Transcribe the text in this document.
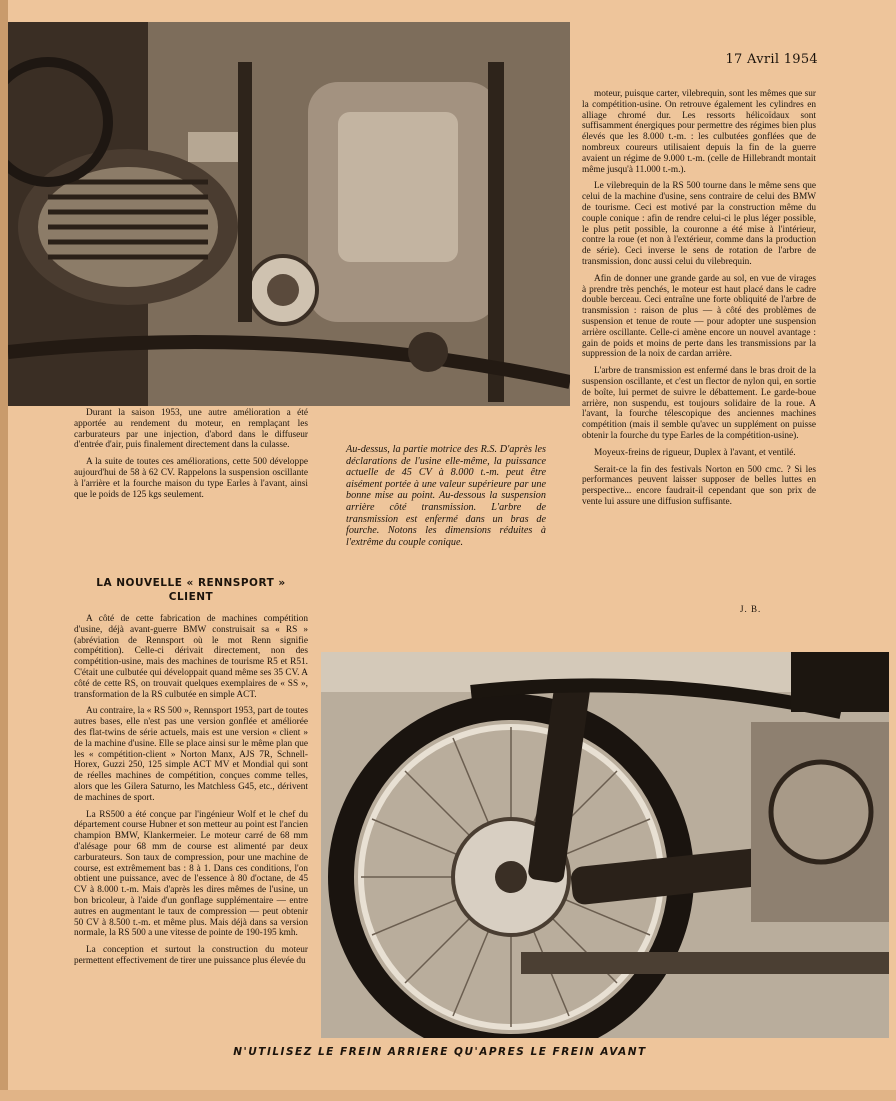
17 Avril 1954

moteur, puisque carter, vilebrequin, sont les mêmes que sur la compétition-usine. On retrouve également les cylindres en alliage chromé dur. Les ressorts hélicoïdaux sont suffisamment énergiques pour permettre des régimes bien plus élevés que les 8.000 t.-m. : les culbutées gonflées que de nombreux coureurs utilisaient depuis la fin de la guerre avaient un régime de 9.000 t.-m. (celle de Hillebrandt montait même jusqu'à 11.000 t.-m.).

Le vilebrequin de la RS 500 tourne dans le même sens que celui de la machine d'usine, sens contraire de celui des BMW de tourisme. Ceci est motivé par la construction même du couple conique : afin de rendre celui-ci le plus léger possible, le plus petit possible, la couronne a été mise à l'intérieur, contre la roue (et non à l'extérieur, comme dans la production de série). Ceci inverse le sens de rotation de l'arbre de transmission, donc aussi celui du vilebrequin.

Afin de donner une grande garde au sol, en vue de virages à prendre très penchés, le moteur est haut placé dans le cadre double berceau. Ceci entraîne une forte obliquité de l'arbre de transmission : raison de plus — à côté des problèmes de suspension et tenue de route — pour adopter une suspension arrière oscillante. Celle-ci amène encore un nouvel avantage : gain de poids et moins de perte dans les transmissions par la suppression de la noix de cardan arrière.

L'arbre de transmission est enfermé dans le bras droit de la suspension oscillante, et c'est un flector de nylon qui, en sortie de boîte, lui permet de suivre le débattement. Le garde-boue arrière, non suspendu, est toujours solidaire de la roue. A l'avant, la fourche télescopique des anciennes machines compétition (mais il semble qu'avec un supplément on puisse obtenir la fourche du type Earles de la compétition-usine).

Moyeux-freins de rigueur, Duplex à l'avant, et ventilé.

Serait-ce la fin des festivals Norton en 500 cmc. ? Si les performances peuvent laisser supposer de belles luttes en perspective... encore faudrait-il cependant que son prix de vente lui assure une diffusion suffisante.

J. B.

Durant la saison 1953, une autre amélioration a été apportée au rendement du moteur, en remplaçant les carburateurs par une injection, d'abord dans le diffuseur d'entrée d'air, puis finalement directement dans la culasse.

A la suite de toutes ces améliorations, cette 500 développe aujourd'hui de 58 à 62 CV. Rappelons la suspension oscillante à l'arrière et la fourche maison du type Earles à l'avant, ainsi que le poids de 125 kgs seulement.

Au-dessus, la partie motrice des R.S. D'après les déclarations de l'usine elle-même, la puissance actuelle de 45 CV à 8.000 t.-m. peut être aisément portée à une valeur supérieure par une bonne mise au point. Au-dessous la suspension arrière côté transmission. L'arbre de transmission est enfermé dans un bras de fourche. Notons les dimensions réduites à l'extrême du couple conique.
LA NOUVELLE « RENNSPORT »
CLIENT

A côté de cette fabrication de machines compétition d'usine, déjà avant-guerre BMW construisait sa « RS » (abréviation de Rennsport où le mot Renn signifie compétition). Celle-ci dérivait directement, non des compétition-usine, mais des machines de tourisme R5 et R51. C'était une culbutée qui développait quand même ses 35 CV. A côté de cette RS, on trouvait quelques exemplaires de « SS », transformation de la RS culbutée en simple ACT.

Au contraire, la « RS 500 », Rennsport 1953, part de toutes autres bases, elle n'est pas une version gonflée et améliorée des flat-twins de série actuels, mais est une version « client » de la machine d'usine. Elle se place ainsi sur le même plan que les « compétition-client » Norton Manx, AJS 7R, Schnell-Horex, Guzzi 250, 125 simple ACT MV et Mondial qui sont de réelles machines de compétition, conçues comme telles, alors que les Gilera Saturno, les Matchless G45, etc., dérivent de machines de sport.

La RS500 a été conçue par l'ingénieur Wolf et le chef du département course Hubner et son metteur au point est l'ancien champion BMW, Klankermeier. Le moteur carré de 68 mm d'alésage pour 68 mm de course est alimenté par deux carburateurs. Son taux de compression, pour une machine de course, est extrêmement bas : 8 à 1. Dans ces conditions, l'on obtient une puissance, avec de l'essence à 80 d'octane, de 45 CV à 8.000 t.-m. Mais d'après les dires mêmes de l'usine, un bon bricoleur, à l'aide d'un gonflage supplémentaire — entre autres en augmentant le taux de compression — peut obtenir 50 CV à 8.500 t.-m. et même plus. Mais déjà dans sa version normale, la RS 500 a une vitesse de pointe de 190-195 kmh.

La conception et surtout la construction du moteur permettent effectivement de tirer une puissance plus élevée du

N'UTILISEZ LE FREIN ARRIERE QU'APRES LE FREIN AVANT
